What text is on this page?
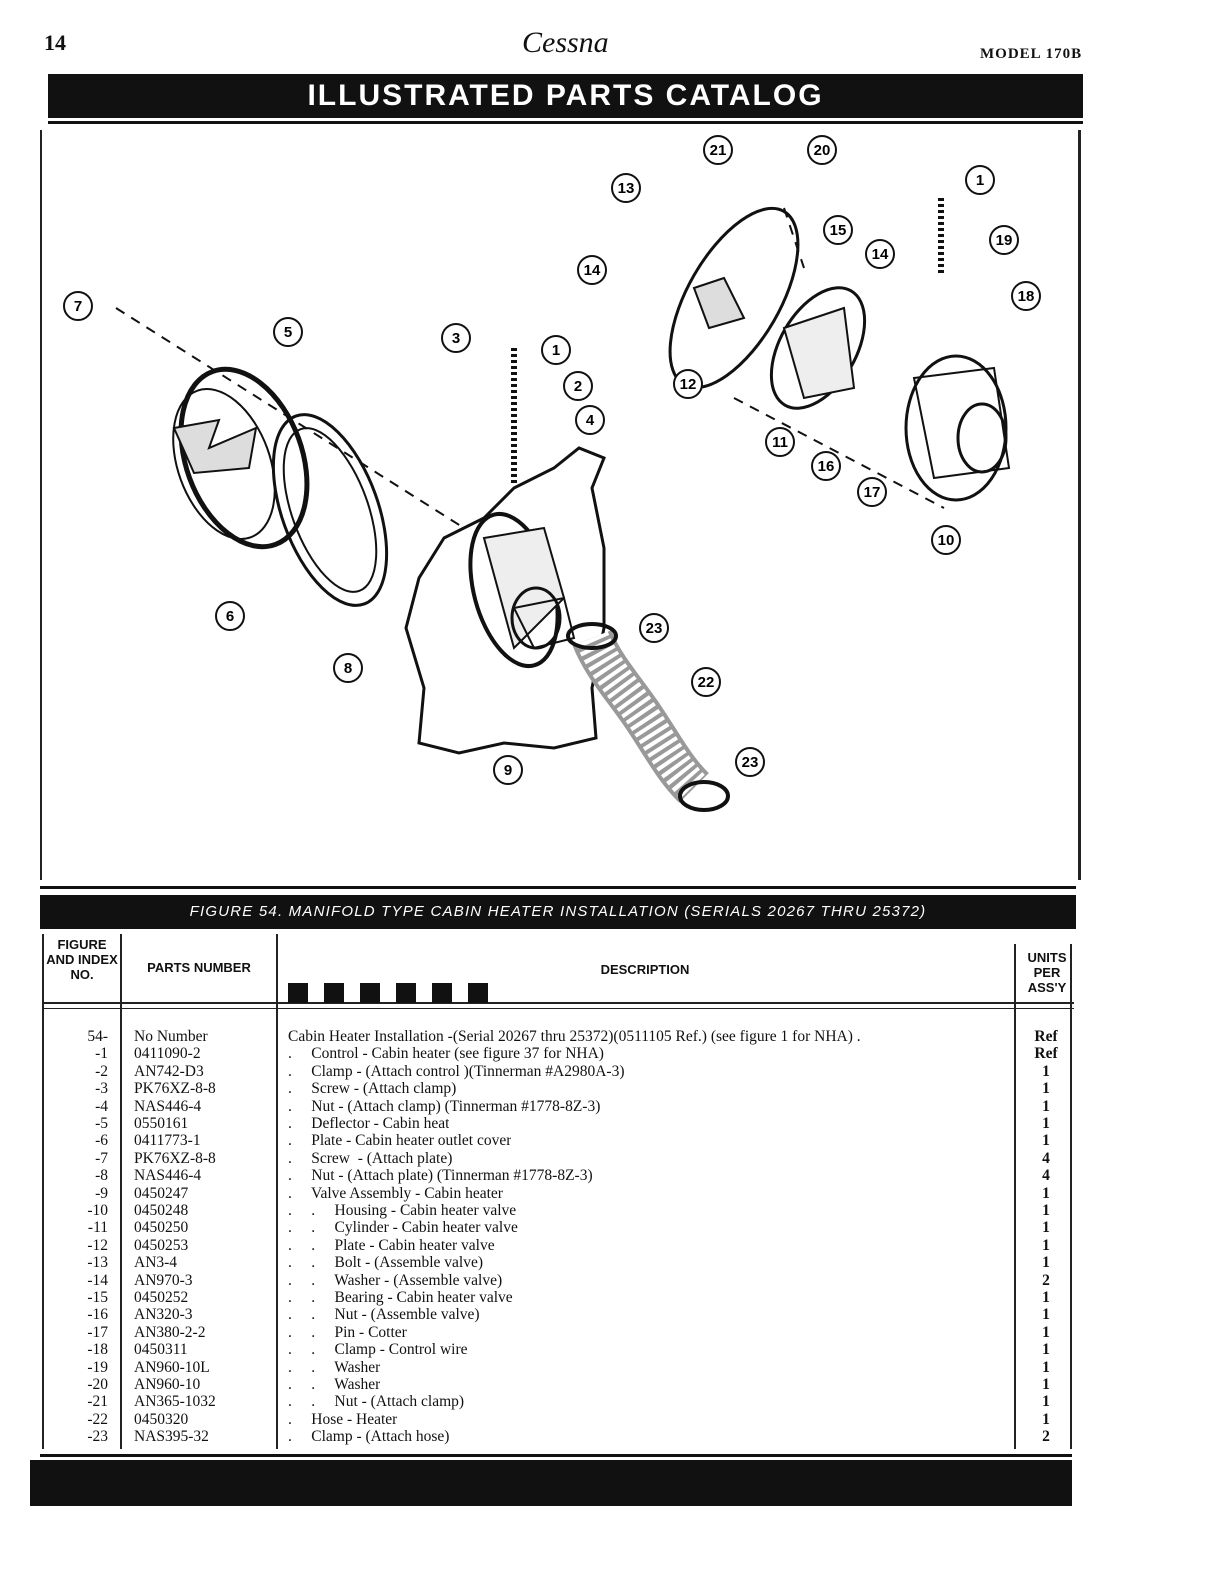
14	Cessna	MODEL 170B
ILLUSTRATED PARTS CATALOG
1
1
2
3
4
5
6
7
8
9
10
11
12
13
14
14
15
16
17
18
19
20
21
22
23
23
FIGURE 54. MANIFOLD TYPE CABIN HEATER INSTALLATION (SERIALS 20267 THRU 25372)
FIGURE AND INDEX NO.	PARTS NUMBER	DESCRIPTION
UNITS PER ASS'Y
54- No Number	Cabin Heater Installation -(Serial 20267 thru 25372)(0511105 Ref.) (see figure 1 for NHA) .	Ref
-1 0411090-2	.     Control - Cabin heater (see figure 37 for NHA)	Ref
-2 AN742-D3	.     Clamp - (Attach control )(Tinnerman #A2980A-3)	1
-3 PK76XZ-8-8	.     Screw - (Attach clamp)	1
-4 NAS446-4	.     Nut - (Attach clamp) (Tinnerman #1778-8Z-3)	1
-5 0550161	.     Deflector - Cabin heat	1
-6 0411773-1	.     Plate - Cabin heater outlet cover	1
-7 PK76XZ-8-8	.     Screw  - (Attach plate)	4
-8 NAS446-4	.     Nut - (Attach plate) (Tinnerman #1778-8Z-3)	4
-9 0450247	.     Valve Assembly - Cabin heater	1
-10 0450248	.     .     Housing - Cabin heater valve	1
-11 0450250	.     .     Cylinder - Cabin heater valve	1
-12 0450253	.     .     Plate - Cabin heater valve	1
-13 AN3-4	.     .     Bolt - (Assemble valve)	1
-14 AN970-3	.     .     Washer - (Assemble valve)	2
-15 0450252	.     .     Bearing - Cabin heater valve	1
-16 AN320-3	.     .     Nut - (Assemble valve)	1
-17 AN380-2-2	.     .     Pin - Cotter	1
-18 0450311	.     .     Clamp - Control wire	1
-19 AN960-10L	.     .     Washer	1
-20 AN960-10	.     .     Washer	1
-21 AN365-1032	.     .     Nut - (Attach clamp)	1
-22 0450320	.     Hose - Heater	1
-23 NAS395-32	.     Clamp - (Attach hose)	2
